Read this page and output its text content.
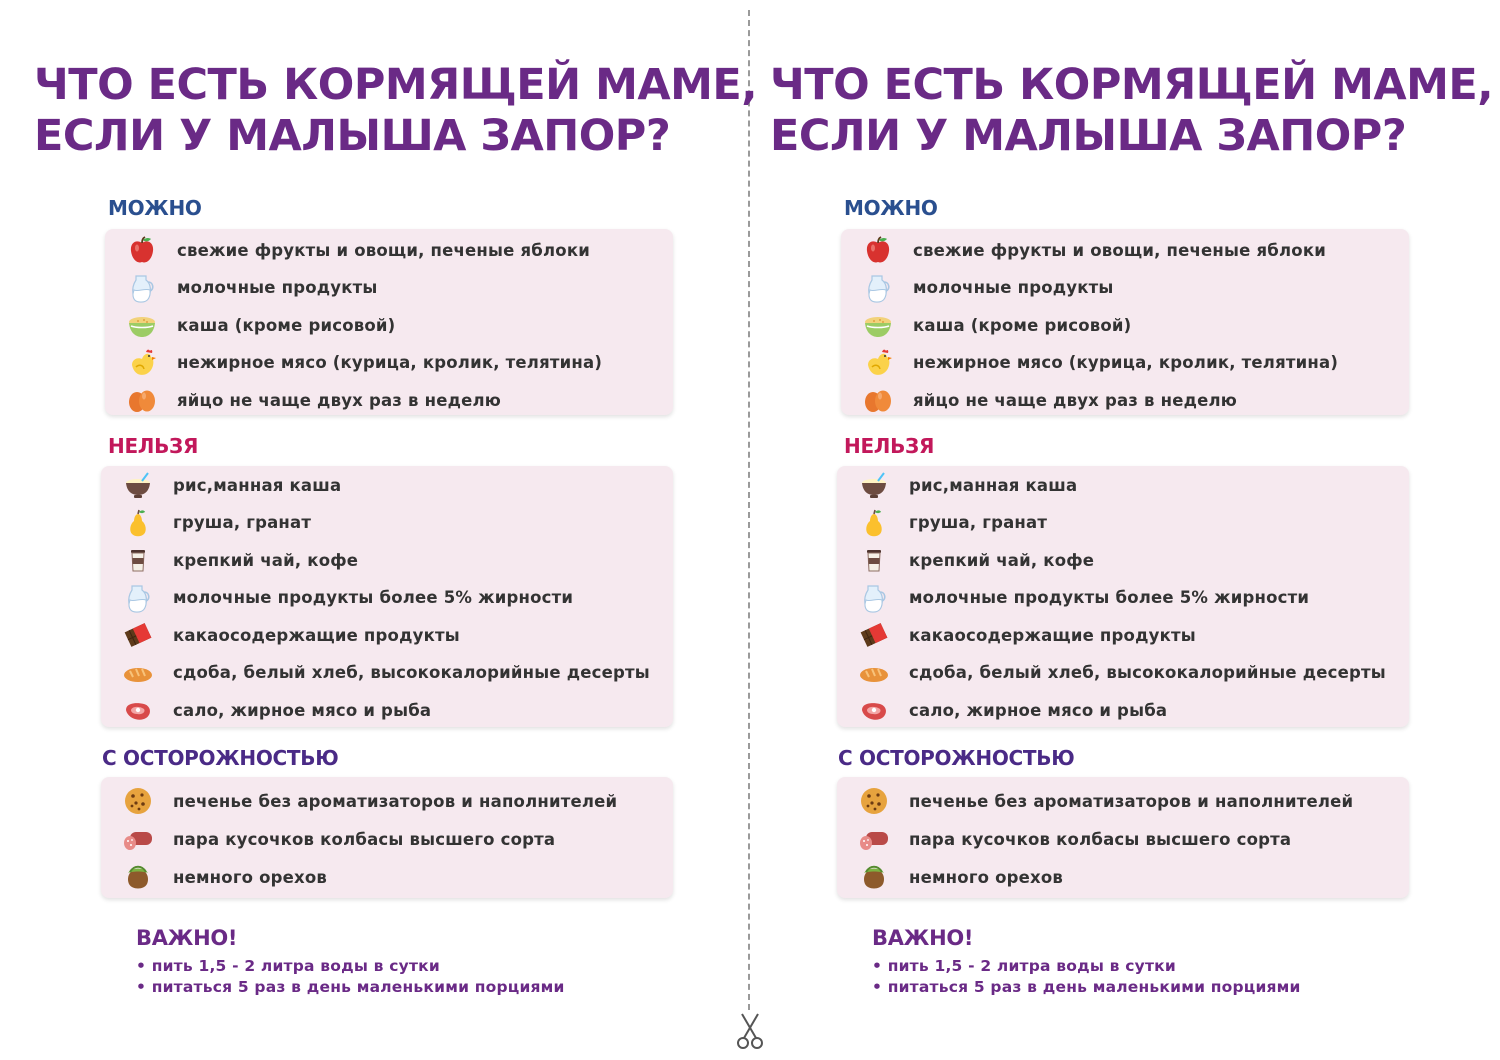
ЧТО ЕСТЬ КОРМЯЩЕЙ МАМЕ,
ЕСЛИ У МАЛЫША ЗАПОР?
МОЖНО
свежие фрукты и овощи, печеные яблоки
молочные продукты
каша (кроме рисовой)
нежирное мясо (курица, кролик, телятина)
яйцо не чаще двух раз в неделю
НЕЛЬЗЯ
рис,манная каша
груша, гранат
крепкий чай, кофе
молочные продукты более 5% жирности
какаосодержащие продукты
сдоба, белый хлеб, высококалорийные десерты
сало, жирное мясо и рыба
С ОСТОРОЖНОСТЬЮ
печенье без ароматизаторов и наполнителей
пара кусочков колбасы высшего сорта
немного орехов
ВАЖНО!
• пить 1,5 - 2 литра воды в сутки
• питаться 5 раз в день маленькими порциями
ЧТО ЕСТЬ КОРМЯЩЕЙ МАМЕ,
ЕСЛИ У МАЛЫША ЗАПОР?
МОЖНО
свежие фрукты и овощи, печеные яблоки
молочные продукты
каша (кроме рисовой)
нежирное мясо (курица, кролик, телятина)
яйцо не чаще двух раз в неделю
НЕЛЬЗЯ
рис,манная каша
груша, гранат
крепкий чай, кофе
молочные продукты более 5% жирности
какаосодержащие продукты
сдоба, белый хлеб, высококалорийные десерты
сало, жирное мясо и рыба
С ОСТОРОЖНОСТЬЮ
печенье без ароматизаторов и наполнителей
пара кусочков колбасы высшего сорта
немного орехов
ВАЖНО!
• пить 1,5 - 2 литра воды в сутки
• питаться 5 раз в день маленькими порциями
